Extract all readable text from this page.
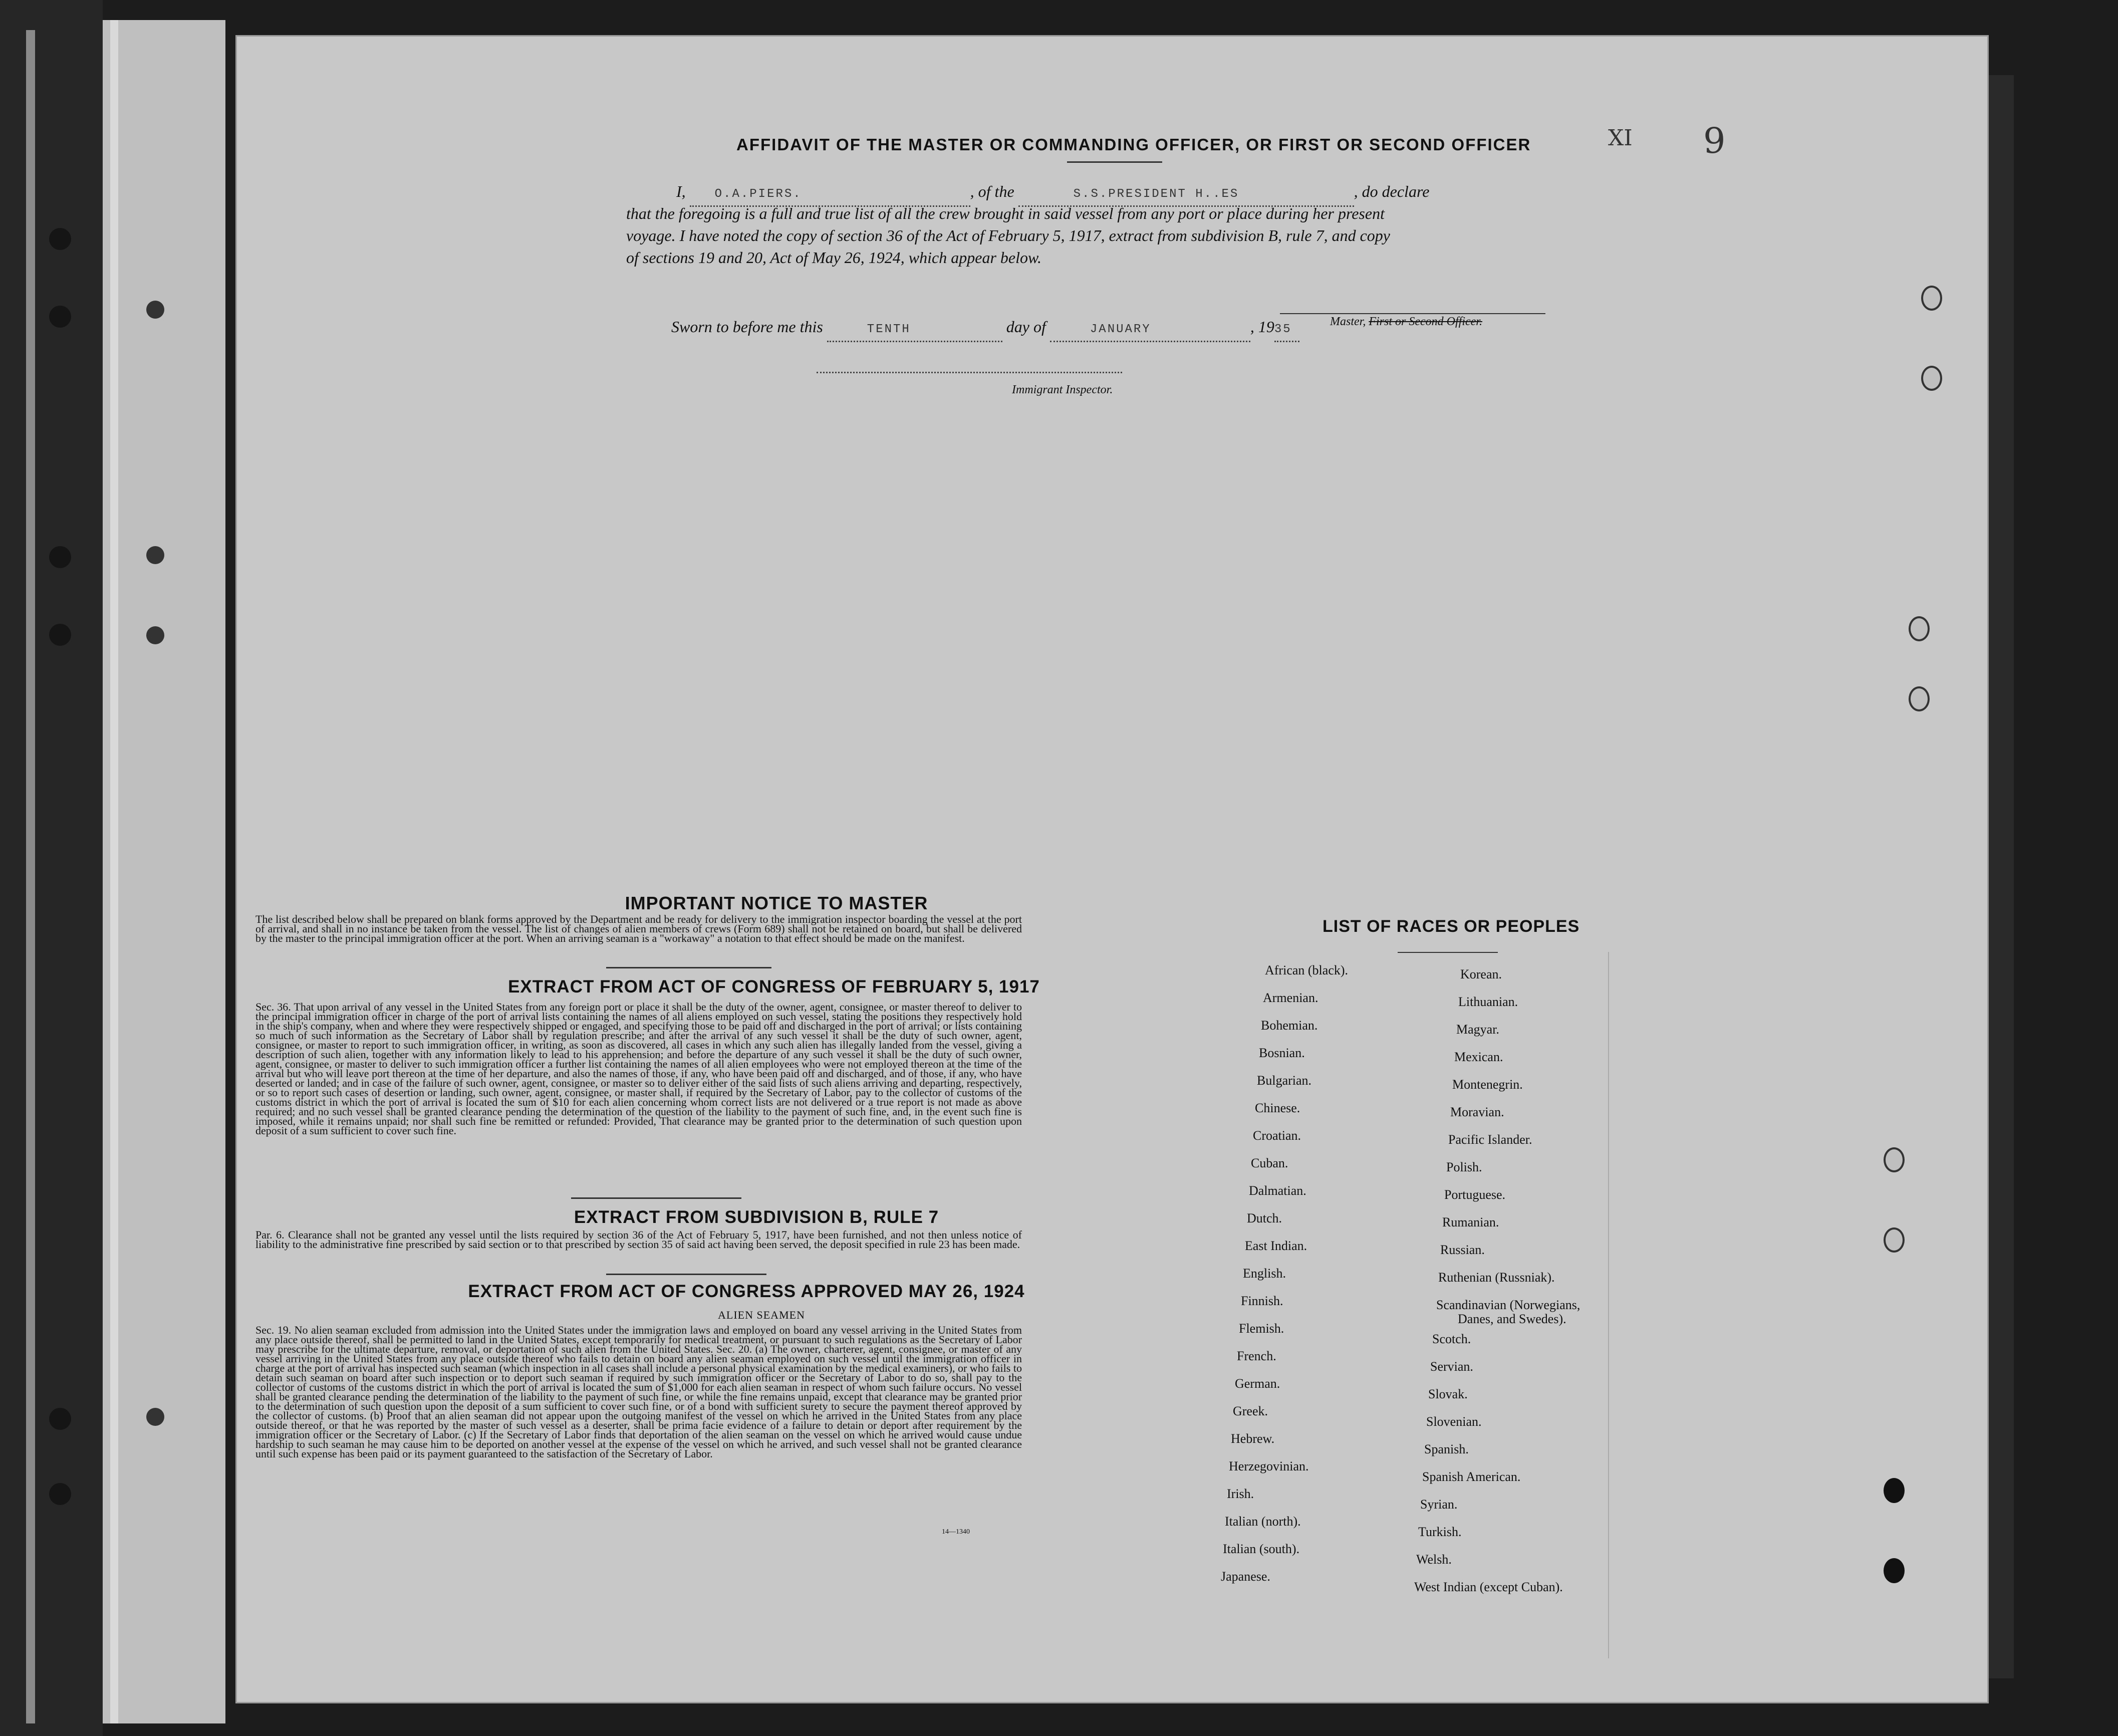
XI 9
AFFIDAVIT OF THE MASTER OR COMMANDING OFFICER, OR FIRST OR SECOND OFFICER
I, O.A.PIERS.	, of the	S.S.PRESIDENT H..ES	, do declare
that the foregoing is a full and true list of all the crew brought in said vessel from any port or place during her present
voyage. I have noted the copy of section 36 of the Act of February 5, 1917, extract from subdivision B, rule 7, and copy
of sections 19 and 20, Act of May 26, 1924, which appear below.
Master, First or Second Officer.
Sworn to before me this	TENTH	day of	JANUARY	, 1935
Immigrant Inspector.
IMPORTANT NOTICE TO MASTER
The list described below shall be prepared on blank forms approved by the Department and be ready for delivery to the immigration inspector boarding the vessel at the port of arrival, and shall in no instance be taken from the vessel. The list of changes of alien members of crews (Form 689) shall not be retained on board, but shall be delivered by the master to the principal immigration officer at the port. When an arriving seaman is a "workaway" a notation to that effect should be made on the manifest.
EXTRACT FROM ACT OF CONGRESS OF FEBRUARY 5, 1917
Sec. 36. That upon arrival of any vessel in the United States from any foreign port or place it shall be the duty of the owner, agent, consignee, or master thereof to deliver to the principal immigration officer in charge of the port of arrival lists containing the names of all aliens employed on such vessel, stating the positions they respectively hold in the ship's company, when and where they were respectively shipped or engaged, and specifying those to be paid off and discharged in the port of arrival; or lists containing so much of such information as the Secretary of Labor shall by regulation prescribe; and after the arrival of any such vessel it shall be the duty of such owner, agent, consignee, or master to report to such immigration officer, in writing, as soon as discovered, all cases in which any such alien has illegally landed from the vessel, giving a description of such alien, together with any information likely to lead to his apprehension; and before the departure of any such vessel it shall be the duty of such owner, agent, consignee, or master to deliver to such immigration officer a further list containing the names of all alien employees who were not employed thereon at the time of the arrival but who will leave port thereon at the time of her departure, and also the names of those, if any, who have been paid off and discharged, and of those, if any, who have deserted or landed; and in case of the failure of such owner, agent, consignee, or master so to deliver either of the said lists of such aliens arriving and departing, respectively, or so to report such cases of desertion or landing, such owner, agent, consignee, or master shall, if required by the Secretary of Labor, pay to the collector of customs of the customs district in which the port of arrival is located the sum of $10 for each alien concerning whom correct lists are not delivered or a true report is not made as above required; and no such vessel shall be granted clearance pending the determination of the question of the liability to the payment of such fine, and, in the event such fine is imposed, while it remains unpaid; nor shall such fine be remitted or refunded: Provided, That clearance may be granted prior to the determination of such question upon deposit of a sum sufficient to cover such fine.
EXTRACT FROM SUBDIVISION B, RULE 7
Par. 6. Clearance shall not be granted any vessel until the lists required by section 36 of the Act of February 5, 1917, have been furnished, and not then unless notice of liability to the administrative fine prescribed by said section or to that prescribed by section 35 of said act having been served, the deposit specified in rule 23 has been made.
EXTRACT FROM ACT OF CONGRESS APPROVED MAY 26, 1924
ALIEN SEAMEN
Sec. 19. No alien seaman excluded from admission into the United States under the immigration laws and employed on board any vessel arriving in the United States from any place outside thereof, shall be permitted to land in the United States, except temporarily for medical treatment, or pursuant to such regulations as the Secretary of Labor may prescribe for the ultimate departure, removal, or deportation of such alien from the United States. Sec. 20. (a) The owner, charterer, agent, consignee, or master of any vessel arriving in the United States from any place outside thereof who fails to detain on board any alien seaman employed on such vessel until the immigration officer in charge at the port of arrival has inspected such seaman (which inspection in all cases shall include a personal physical examination by the medical examiners), or who fails to detain such seaman on board after such inspection or to deport such seaman if required by such immigration officer or the Secretary of Labor to do so, shall pay to the collector of customs of the customs district in which the port of arrival is located the sum of $1,000 for each alien seaman in respect of whom such failure occurs. No vessel shall be granted clearance pending the determination of the liability to the payment of such fine, or while the fine remains unpaid, except that clearance may be granted prior to the determination of such question upon the deposit of a sum sufficient to cover such fine, or of a bond with sufficient surety to secure the payment thereof approved by the collector of customs. (b) Proof that an alien seaman did not appear upon the outgoing manifest of the vessel on which he arrived in the United States from any place outside thereof, or that he was reported by the master of such vessel as a deserter, shall be prima facie evidence of a failure to detain or deport after requirement by the immigration officer or the Secretary of Labor. (c) If the Secretary of Labor finds that deportation of the alien seaman on the vessel on which he arrived would cause undue hardship to such seaman he may cause him to be deported on another vessel at the expense of the vessel on which he arrived, and such vessel shall not be granted clearance until such expense has been paid or its payment guaranteed to the satisfaction of the Secretary of Labor.
14—1340
LIST OF RACES OR PEOPLES
African (black).
Armenian.
Bohemian.
Bosnian.
Bulgarian.
Chinese.
Croatian.
Cuban.
Dalmatian.
Dutch.
East Indian.
English.
Finnish.
Flemish.
French.
German.
Greek.
Hebrew.
Herzegovinian.
Irish.
Italian (north).
Italian (south).
Japanese.
Korean.
Lithuanian.
Magyar.
Mexican.
Montenegrin.
Moravian.
Pacific Islander.
Polish.
Portuguese.
Rumanian.
Russian.
Ruthenian (Russniak).
Scandinavian (Norwegians,
Danes, and Swedes).
Scotch.
Servian.
Slovak.
Slovenian.
Spanish.
Spanish American.
Syrian.
Turkish.
Welsh.
West Indian (except Cuban).
